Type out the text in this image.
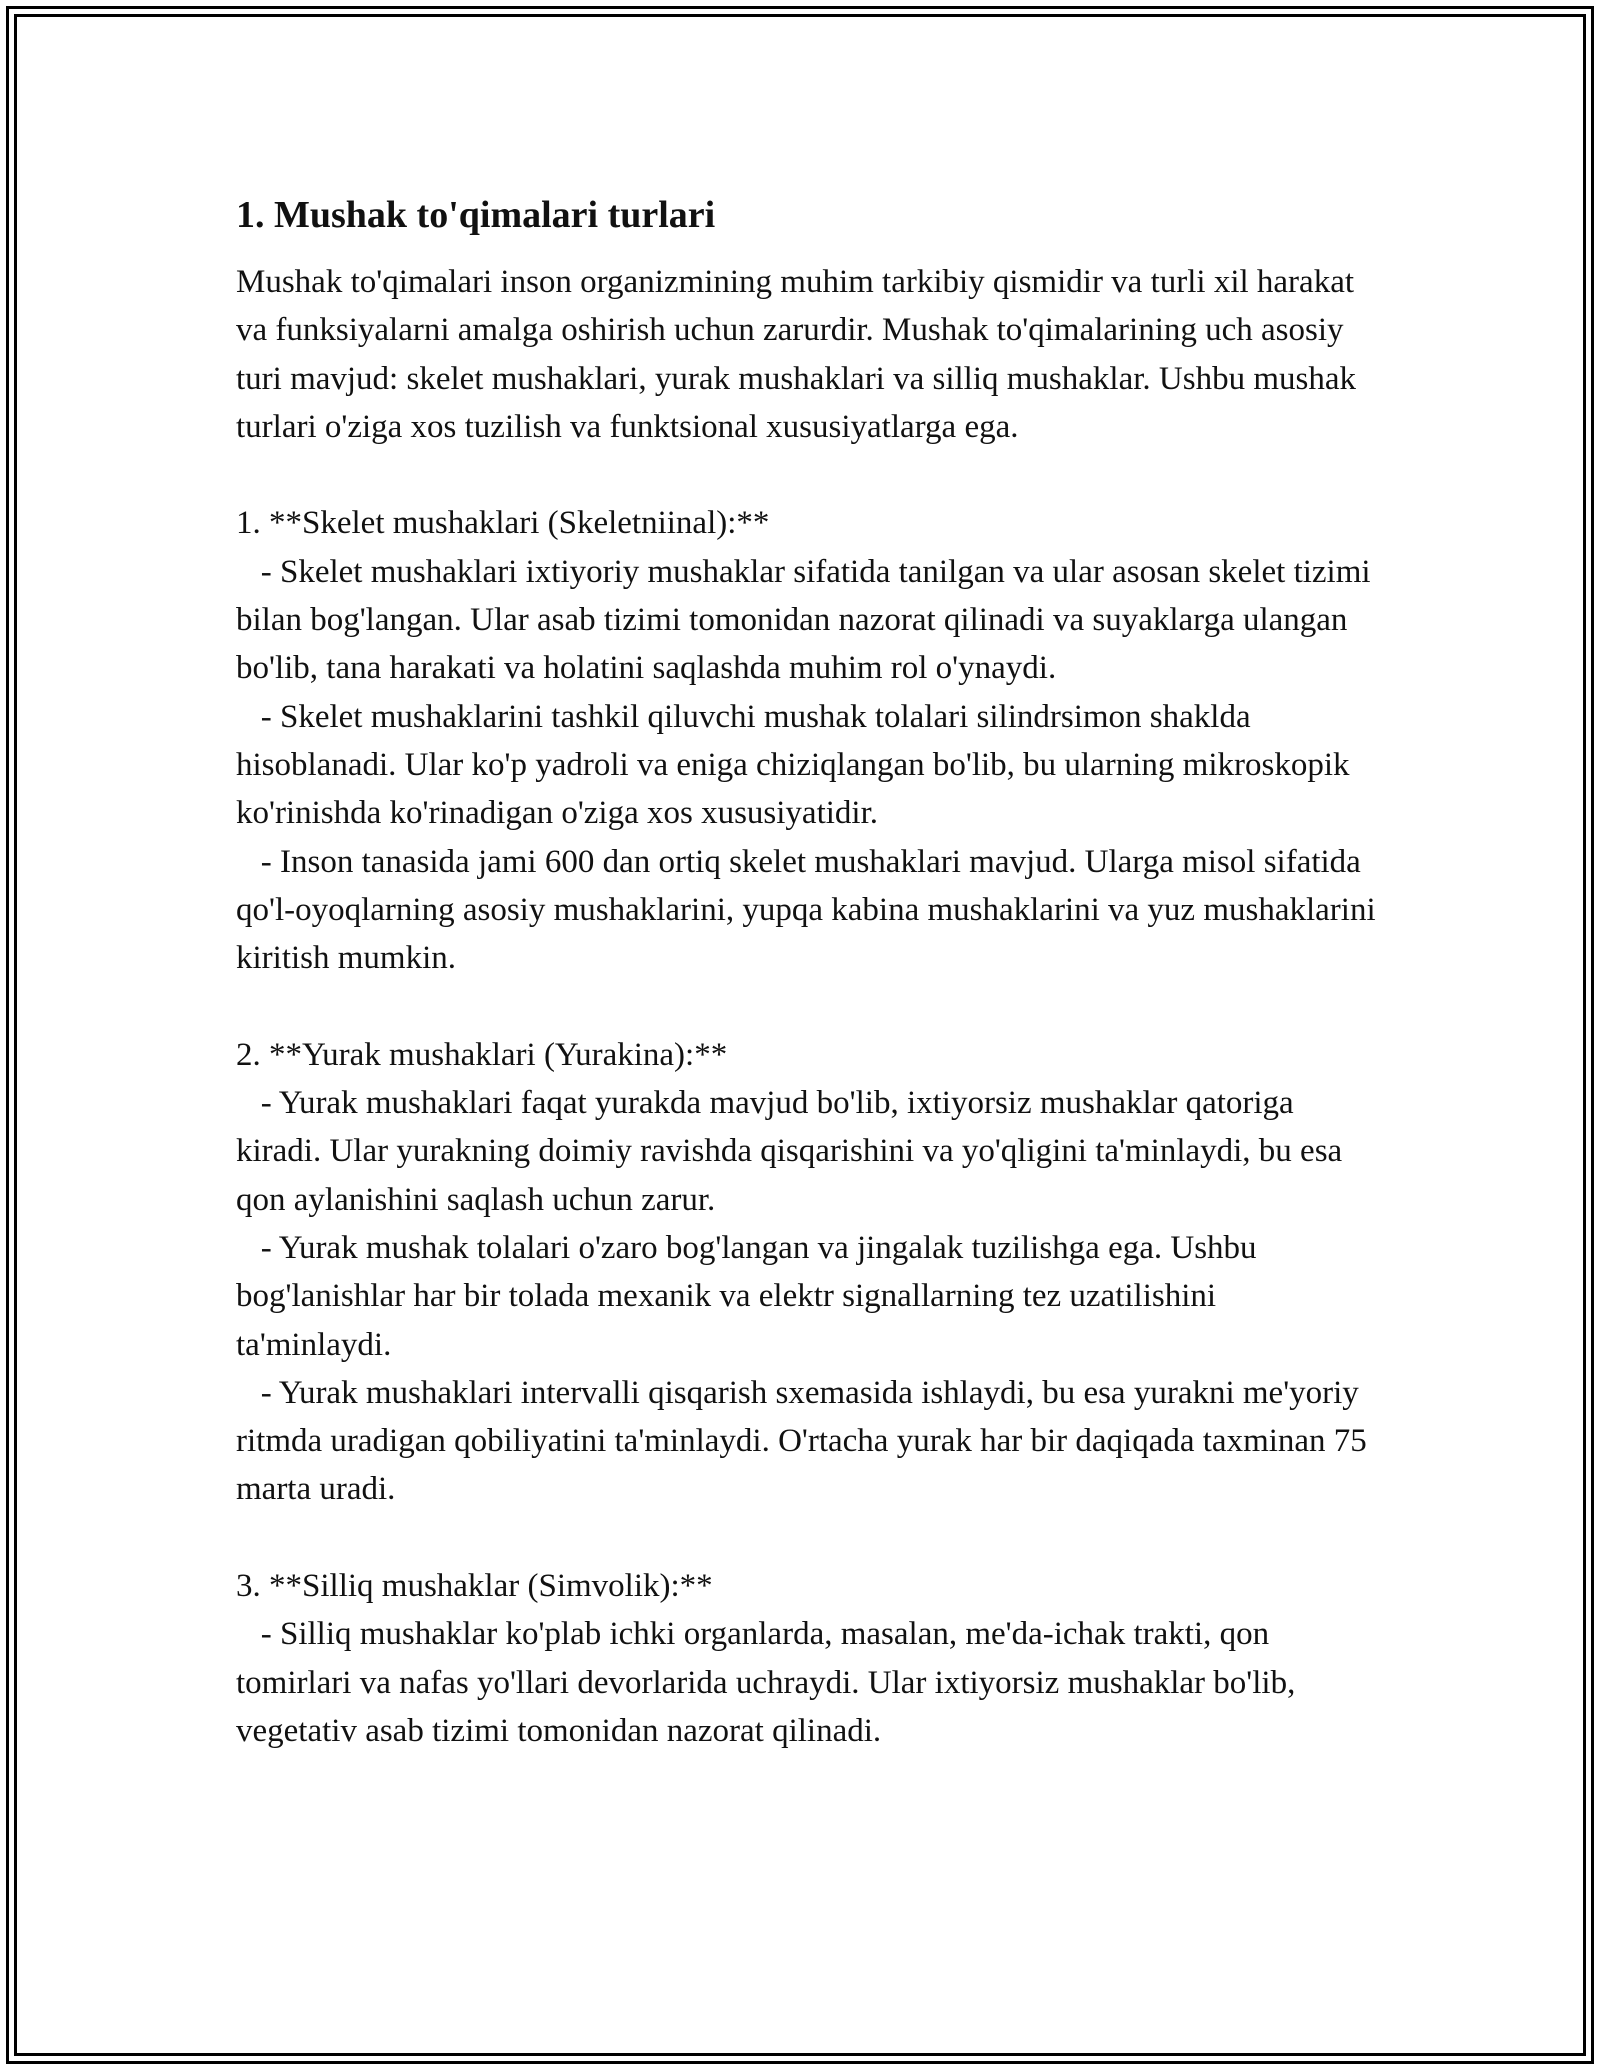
1. Mushak to'qimalari turlari

Mushak to'qimalari inson organizmining muhim tarkibiy qismidir va turli xil harakat va funksiyalarni amalga oshirish uchun zarurdir. Mushak to'qimalarining uch asosiy turi mavjud: skelet mushaklari, yurak mushaklari va silliq mushaklar. Ushbu mushak turlari o'ziga xos tuzilish va funktsional xususiyatlarga ega.

1. **Skelet mushaklari (Skeletniinal):**

- Skelet mushaklari ixtiyoriy mushaklar sifatida tanilgan va ular asosan skelet tizimi bilan bog'langan. Ular asab tizimi tomonidan nazorat qilinadi va suyaklarga ulangan bo'lib, tana harakati va holatini saqlashda muhim rol o'ynaydi.

- Skelet mushaklarini tashkil qiluvchi mushak tolalari silindrsimon shaklda hisoblanadi. Ular ko'p yadroli va eniga chiziqlangan bo'lib, bu ularning mikroskopik ko'rinishda ko'rinadigan o'ziga xos xususiyatidir.

- Inson tanasida jami 600 dan ortiq skelet mushaklari mavjud. Ularga misol sifatida qo'l-oyoqlarning asosiy mushaklarini, yupqa kabina mushaklarini va yuz mushaklarini kiritish mumkin.

2. **Yurak mushaklari (Yurakina):**

- Yurak mushaklari faqat yurakda mavjud bo'lib, ixtiyorsiz mushaklar qatoriga kiradi. Ular yurakning doimiy ravishda qisqarishini va yo'qligini ta'minlaydi, bu esa qon aylanishini saqlash uchun zarur.

- Yurak mushak tolalari o'zaro bog'langan va jingalak tuzilishga ega. Ushbu bog'lanishlar har bir tolada mexanik va elektr signallarning tez uzatilishini ta'minlaydi.

- Yurak mushaklari intervalli qisqarish sxemasida ishlaydi, bu esa yurakni me'yoriy ritmda uradigan qobiliyatini ta'minlaydi. O'rtacha yurak har bir daqiqada taxminan 75 marta uradi.

3. **Silliq mushaklar (Simvolik):**

- Silliq mushaklar ko'plab ichki organlarda, masalan, me'da-ichak trakti, qon tomirlari va nafas yo'llari devorlarida uchraydi. Ular ixtiyorsiz mushaklar bo'lib, vegetativ asab tizimi tomonidan nazorat qilinadi.
